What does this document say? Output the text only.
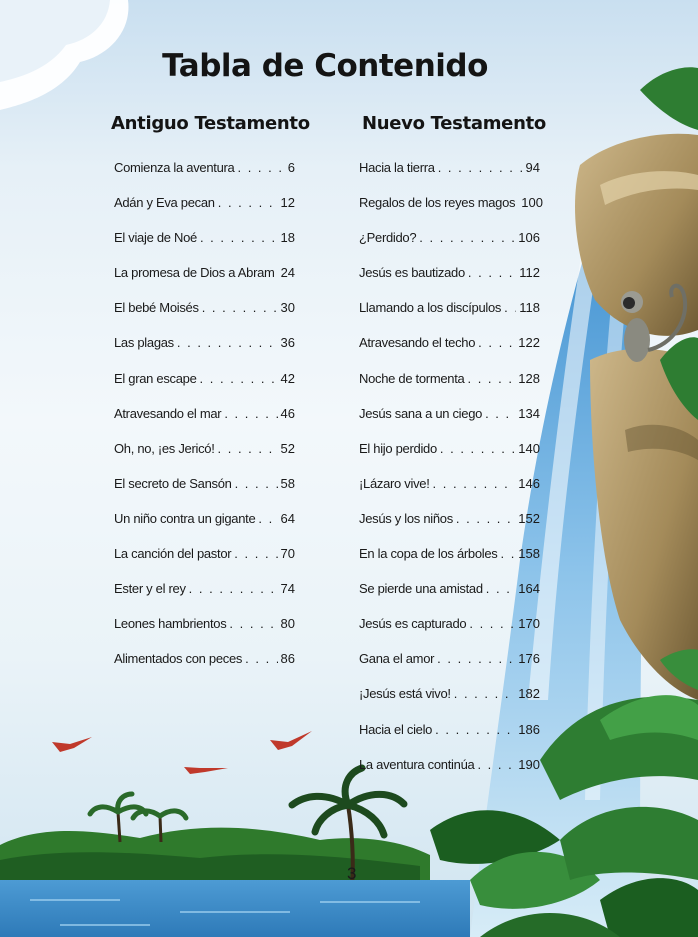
Tabla de Contenido
Antiguo Testamento	Nuevo Testamento
Comienza la aventura . . .	6
Adán y Eva pecan . . .	12
El viaje de Noé . . .	18
La promesa de Dios a Abram 24
El bebé Moisés . . .	30
Las plagas . . .	36
El gran escape . . .	42
Atravesando el mar . . .	46
Oh, no, ¡es Jericó! . . .	52
El secreto de Sansón . . .	58
Un niño contra un gigante . . . 64
La canción del pastor . . .	70
Ester y el rey . . .	74
Leones hambrientos . . .	80
Alimentados con peces . . .	86
Hacia la tierra . . .	94
Regalos de los reyes magos 100
¿Perdido? . . .	106
Jesús es bautizado . . .	112
Llamando a los discípulos . . . 118
Atravesando el techo . . .	122
Noche de tormenta . . .	128
Jesús sana a un ciego . . .	134
El hijo perdido . . .	140
¡Lázaro vive! . . .	146
Jesús y los niños . . .	152
En la copa de los árboles . . . 158
Se pierde una amistad . . .	164
Jesús es capturado . . .	170
Gana el amor . . .	176
¡Jesús está vivo! . . .	182
Hacia el cielo . . .	186
La aventura continúa . . .	190
3
